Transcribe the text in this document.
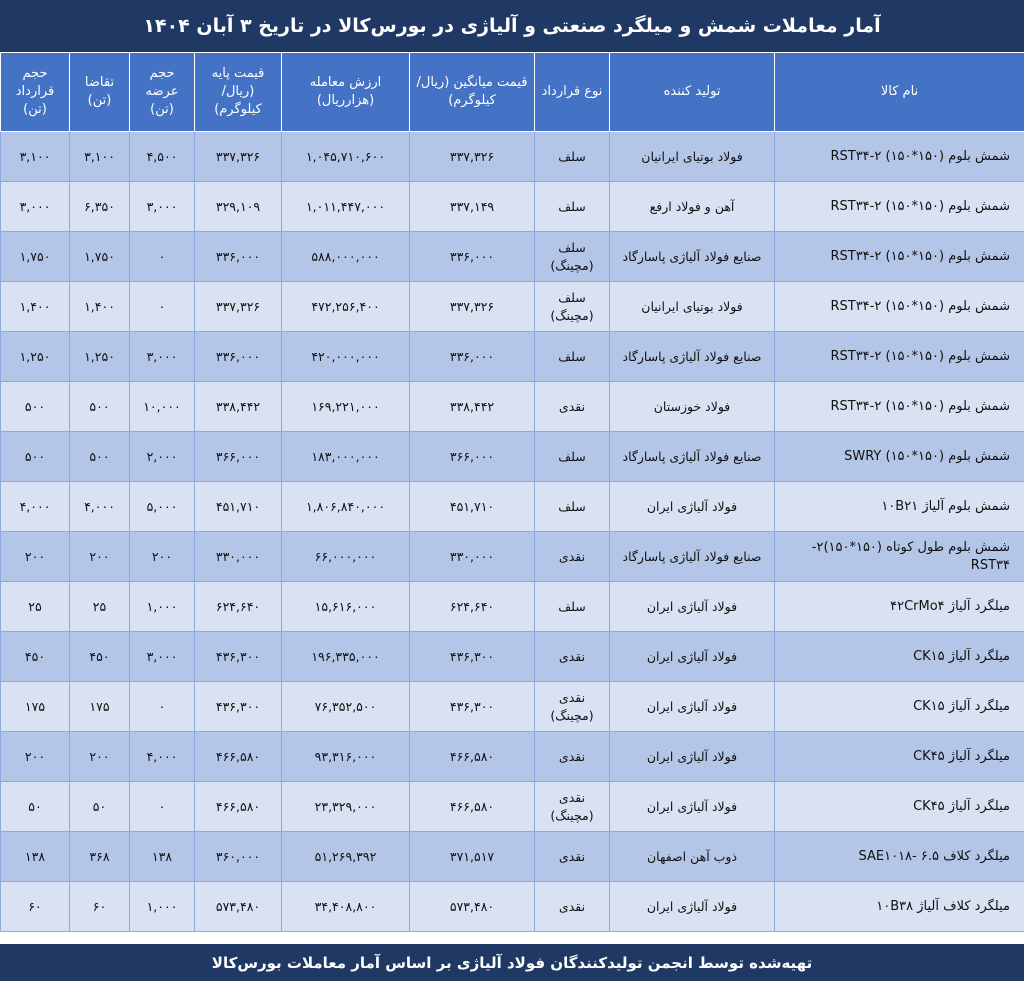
آمار معاملات شمش و میلگرد صنعتی و آلیاژی در بورس‌کالا در تاریخ ۳ آبان ۱۴۰۴
نام کالا	تولید کننده	نوع قرارداد	قیمت میانگین (ریال/ کیلوگرم)	ارزش معامله (هزارریال)	قیمت پایه (ریال/ کیلوگرم)	حجم عرضه (تن)	تقاضا (تن)	حجم قرارداد (تن)
شمش بلوم (۱۵۰*۱۵۰) ۲-RST۳۴	فولاد بوتیای ایرانیان	سلف	۳۳۷,۳۲۶	۱,۰۴۵,۷۱۰,۶۰۰	۳۳۷,۳۲۶	۴,۵۰۰	۳,۱۰۰	۳,۱۰۰
شمش بلوم (۱۵۰*۱۵۰) ۲-RST۳۴	آهن و فولاد ارفع	سلف	۳۳۷,۱۴۹	۱,۰۱۱,۴۴۷,۰۰۰	۳۲۹,۱۰۹	۳,۰۰۰	۶,۳۵۰	۳,۰۰۰
شمش بلوم (۱۵۰*۱۵۰) ۲-RST۳۴	صنایع فولاد آلیاژی پاسارگاد	سلف (مچینگ)	۳۳۶,۰۰۰	۵۸۸,۰۰۰,۰۰۰	۳۳۶,۰۰۰	۰	۱,۷۵۰	۱,۷۵۰
شمش بلوم (۱۵۰*۱۵۰) ۲-RST۳۴	فولاد بوتیای ایرانیان	سلف (مچینگ)	۳۳۷,۳۲۶	۴۷۲,۲۵۶,۴۰۰	۳۳۷,۳۲۶	۰	۱,۴۰۰	۱,۴۰۰
شمش بلوم (۱۵۰*۱۵۰) ۲-RST۳۴	صنایع فولاد آلیاژی پاسارگاد	سلف	۳۳۶,۰۰۰	۴۲۰,۰۰۰,۰۰۰	۳۳۶,۰۰۰	۳,۰۰۰	۱,۲۵۰	۱,۲۵۰
شمش بلوم (۱۵۰*۱۵۰) ۲-RST۳۴	فولاد خوزستان	نقدی	۳۳۸,۴۴۲	۱۶۹,۲۲۱,۰۰۰	۳۳۸,۴۴۲	۱۰,۰۰۰	۵۰۰	۵۰۰
شمش بلوم (۱۵۰*۱۵۰) SWRY	صنایع فولاد آلیاژی پاسارگاد	سلف	۳۶۶,۰۰۰	۱۸۳,۰۰۰,۰۰۰	۳۶۶,۰۰۰	۲,۰۰۰	۵۰۰	۵۰۰
شمش بلوم آلیاژ ۱۰B۲۱	فولاد آلیاژی ایران	سلف	۴۵۱,۷۱۰	۱,۸۰۶,۸۴۰,۰۰۰	۴۵۱,۷۱۰	۵,۰۰۰	۴,۰۰۰	۴,۰۰۰
شمش بلوم طول کوتاه (۱۵۰*۱۵۰)۲-RST۳۴	صنایع فولاد آلیاژی پاسارگاد	نقدی	۳۳۰,۰۰۰	۶۶,۰۰۰,۰۰۰	۳۳۰,۰۰۰	۲۰۰	۲۰۰	۲۰۰
میلگرد آلیاژ ۴۲CrMo۴	فولاد آلیاژی ایران	سلف	۶۲۴,۶۴۰	۱۵,۶۱۶,۰۰۰	۶۲۴,۶۴۰	۱,۰۰۰	۲۵	۲۵
میلگرد آلیاژ CK۱۵	فولاد آلیاژی ایران	نقدی	۴۳۶,۳۰۰	۱۹۶,۳۳۵,۰۰۰	۴۳۶,۳۰۰	۳,۰۰۰	۴۵۰	۴۵۰
میلگرد آلیاژ CK۱۵	فولاد آلیاژی ایران	نقدی (مچینگ)	۴۳۶,۳۰۰	۷۶,۳۵۲,۵۰۰	۴۳۶,۳۰۰	۰	۱۷۵	۱۷۵
میلگرد آلیاژ CK۴۵	فولاد آلیاژی ایران	نقدی	۴۶۶,۵۸۰	۹۳,۳۱۶,۰۰۰	۴۶۶,۵۸۰	۴,۰۰۰	۲۰۰	۲۰۰
میلگرد آلیاژ CK۴۵	فولاد آلیاژی ایران	نقدی (مچینگ)	۴۶۶,۵۸۰	۲۳,۳۲۹,۰۰۰	۴۶۶,۵۸۰	۰	۵۰	۵۰
میلگرد کلاف ۶.۵ -SAE۱۰۱۸	ذوب آهن اصفهان	نقدی	۳۷۱,۵۱۷	۵۱,۲۶۹,۳۹۲	۳۶۰,۰۰۰	۱۳۸	۳۶۸	۱۳۸
میلگرد کلاف آلیاژ ۱۰B۳۸	فولاد آلیاژی ایران	نقدی	۵۷۳,۴۸۰	۳۴,۴۰۸,۸۰۰	۵۷۳,۴۸۰	۱,۰۰۰	۶۰	۶۰
تهیه‌شده توسط انجمن تولیدکنندگان فولاد آلیاژی بر اساس آمار معاملات بورس‌کالا
